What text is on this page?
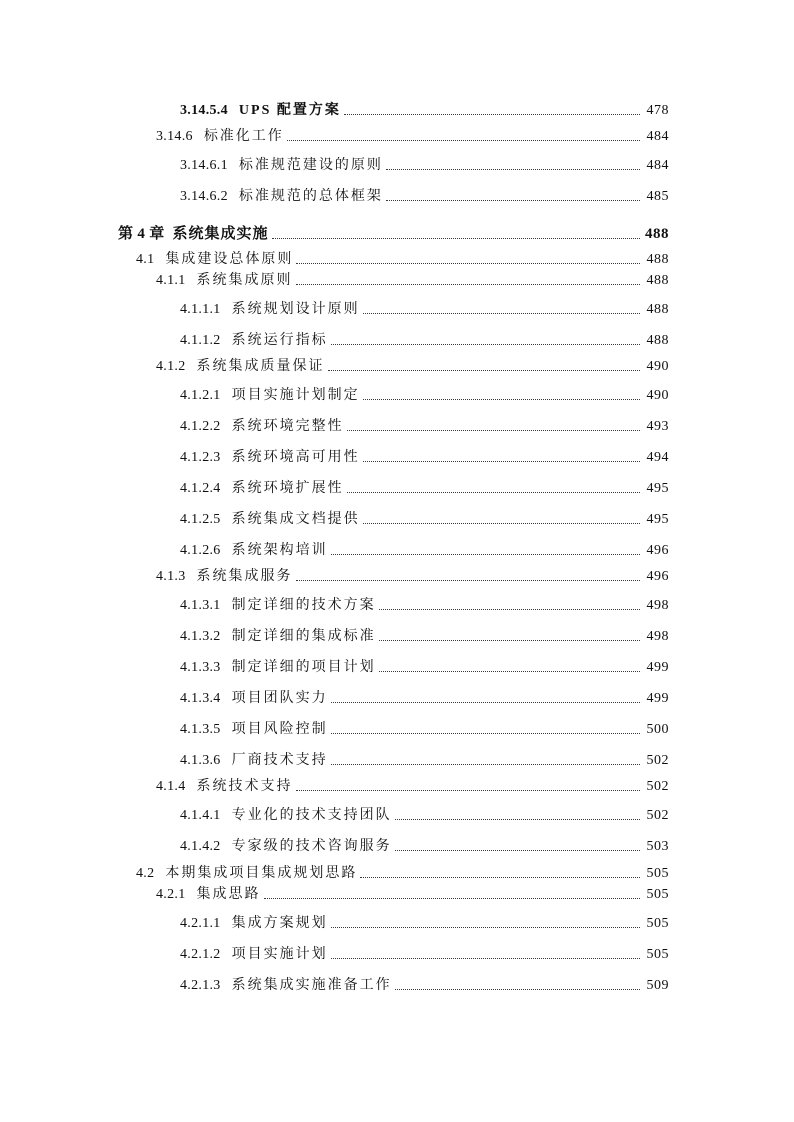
3.14.5.4 UPS 配置方案	478
3.14.6 标准化工作	484
3.14.6.1 标准规范建设的原则	484
3.14.6.2 标准规范的总体框架	485
第 4 章 系统集成实施	488
4.1 集成建设总体原则	488
4.1.1 系统集成原则	488
4.1.1.1 系统规划设计原则	488
4.1.1.2 系统运行指标	488
4.1.2 系统集成质量保证	490
4.1.2.1 项目实施计划制定	490
4.1.2.2 系统环境完整性	493
4.1.2.3 系统环境高可用性	494
4.1.2.4 系统环境扩展性	495
4.1.2.5 系统集成文档提供	495
4.1.2.6 系统架构培训	496
4.1.3 系统集成服务	496
4.1.3.1 制定详细的技术方案	498
4.1.3.2 制定详细的集成标准	498
4.1.3.3 制定详细的项目计划	499
4.1.3.4 项目团队实力	499
4.1.3.5 项目风险控制	500
4.1.3.6 厂商技术支持	502
4.1.4 系统技术支持	502
4.1.4.1 专业化的技术支持团队	502
4.1.4.2 专家级的技术咨询服务	503
4.2 本期集成项目集成规划思路	505
4.2.1 集成思路	505
4.2.1.1 集成方案规划	505
4.2.1.2 项目实施计划	505
4.2.1.3 系统集成实施准备工作	509
